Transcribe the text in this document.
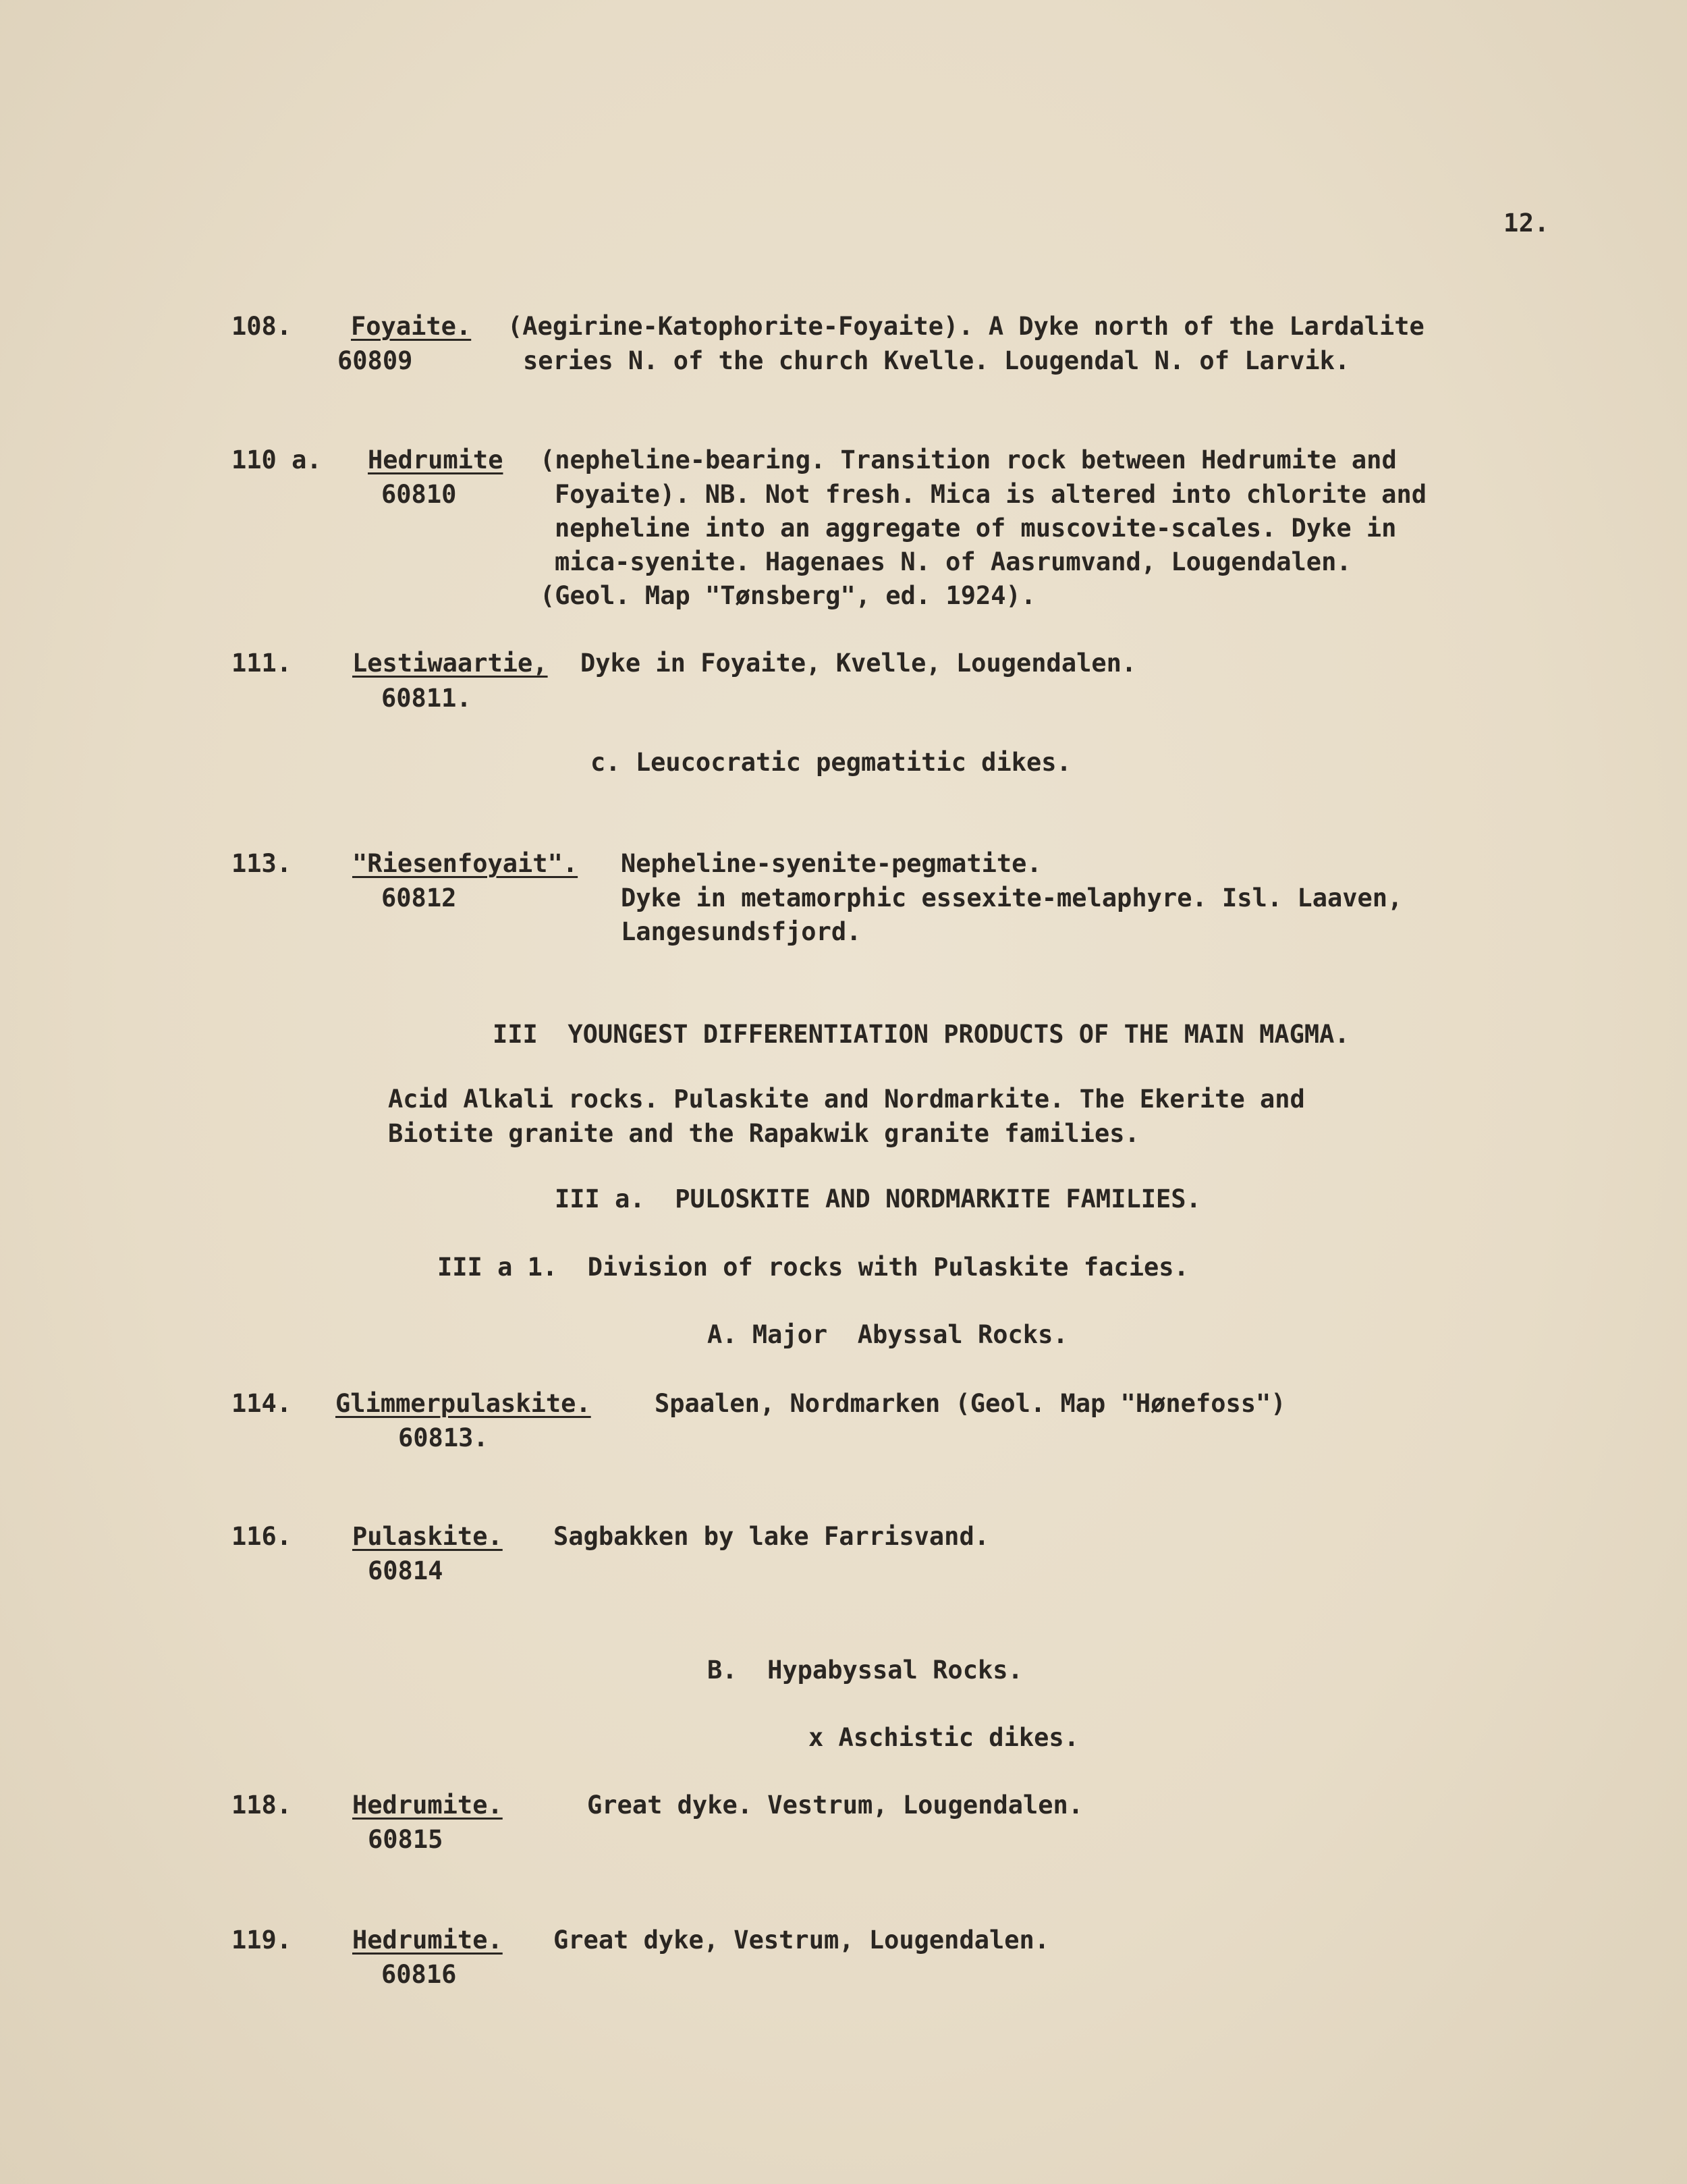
12.
108. Foyaite.
60809
(Aegirine-Katophorite-Foyaite). A Dyke north of the Lardalite
series N. of the church Kvelle. Lougendal N. of Larvik.
110 a. Hedrumite
60810
(nepheline-bearing. Transition rock between Hedrumite and
Foyaite). NB. Not fresh. Mica is altered into chlorite and
nepheline into an aggregate of muscovite-scales. Dyke in
mica-syenite. Hagenaes N. of Aasrumvand, Lougendalen.
(Geol. Map "Tønsberg", ed. 1924).
111. Lestiwaartie,
60811.
Dyke in Foyaite, Kvelle, Lougendalen.
c. Leucocratic pegmatitic dikes.
113. "Riesenfoyait".
60812
Nepheline-syenite-pegmatite.
Dyke in metamorphic essexite-melaphyre. Isl. Laaven,
Langesundsfjord.
III  YOUNGEST DIFFERENTIATION PRODUCTS OF THE MAIN MAGMA.
Acid Alkali rocks. Pulaskite and Nordmarkite. The Ekerite and
Biotite granite and the Rapakwik granite families.
III a.  PULOSKITE AND NORDMARKITE FAMILIES.
III a 1.  Division of rocks with Pulaskite facies.
A. Major  Abyssal Rocks.
114. Glimmerpulaskite.
60813.
Spaalen, Nordmarken (Geol. Map "Hønefoss")
116. Pulaskite.
60814
Sagbakken by lake Farrisvand.
B.  Hypabyssal Rocks.
x Aschistic dikes.
118. Hedrumite.
60815
Great dyke. Vestrum, Lougendalen.
119. Hedrumite.
60816
Great dyke, Vestrum, Lougendalen.
